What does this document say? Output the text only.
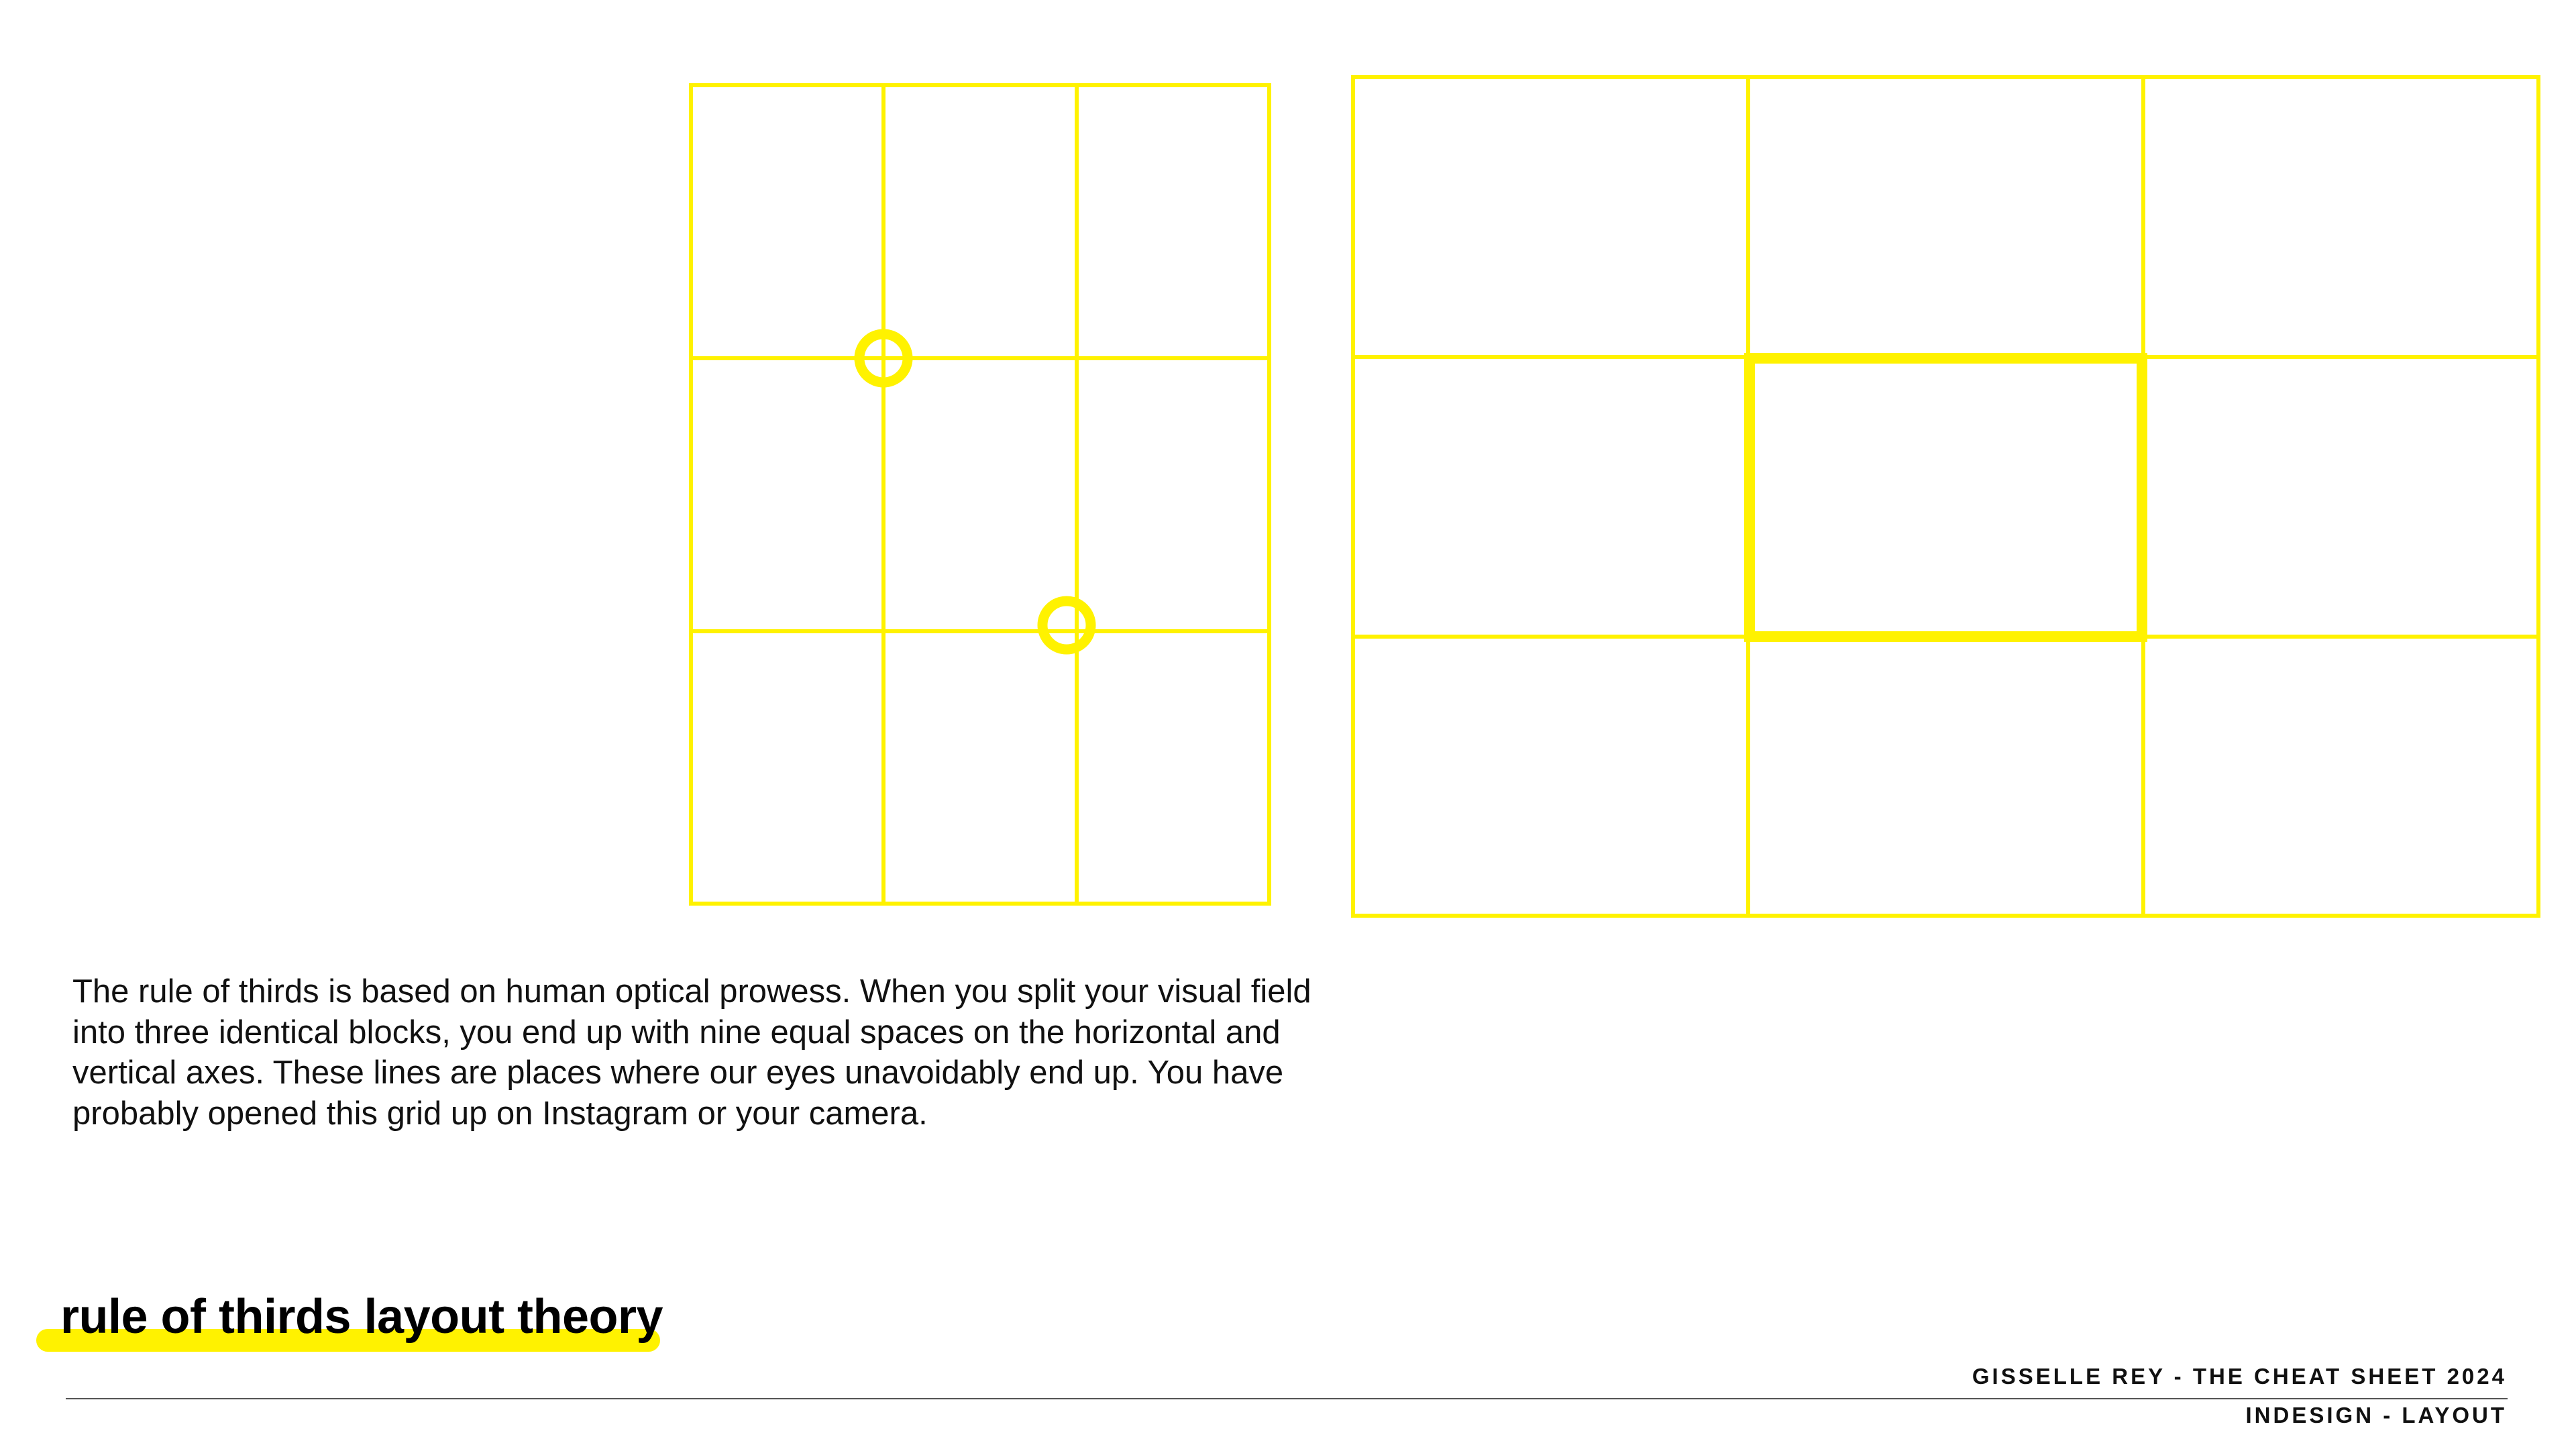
The rule of thirds is based on human optical prowess. When you split your visual field into three identical blocks, you end up with nine equal spaces on the horizontal and vertical axes. These lines are places where our eyes unavoidably end up. You have probably opened this grid up on Instagram or your camera.

rule of thirds layout theory
GISSELLE REY - THE CHEAT SHEET 2024
INDESIGN - LAYOUT
